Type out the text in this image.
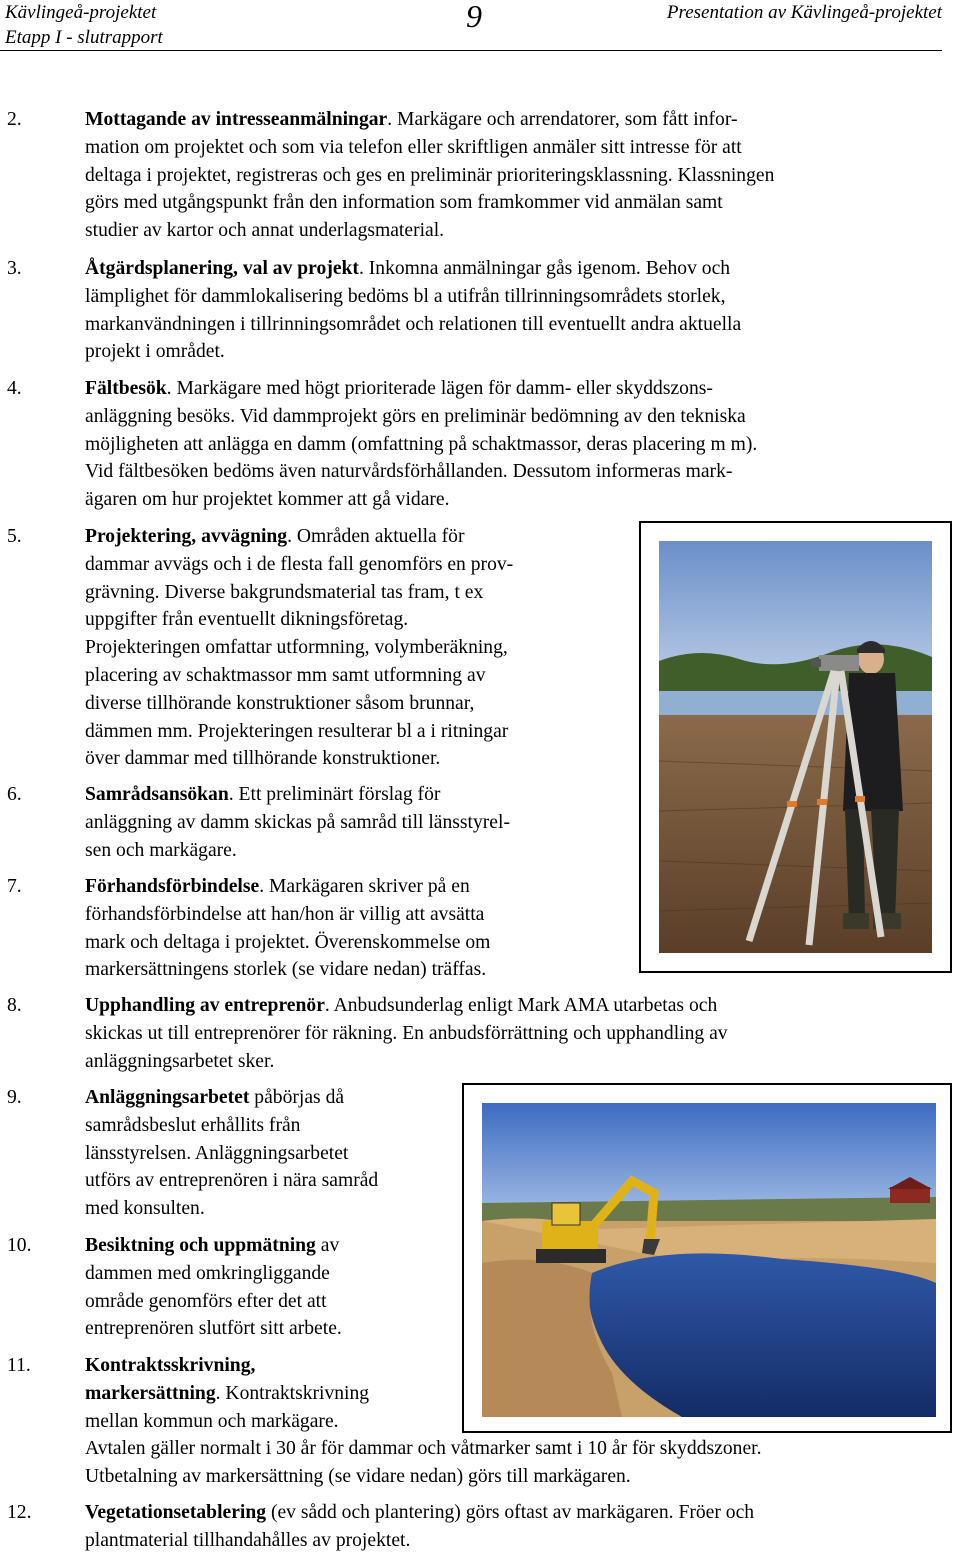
Kävlingeå-projektet
Etapp I - slutrapport
9	Presentation av Kävlingeå-projektet
2.	Mottagande av intresseanmälningar. Markägare och arrendatorer, som fått infor-
mation om projektet och som via telefon eller skriftligen anmäler sitt intresse för att
deltaga i projektet, registreras och ges en preliminär prioriteringsklassning. Klassningen
görs med utgångspunkt från den information som framkommer vid anmälan samt
studier av kartor och annat underlagsmaterial.
3.	Åtgärdsplanering, val av projekt. Inkomna anmälningar gås igenom. Behov och
lämplighet för dammlokalisering bedöms bl a utifrån tillrinningsområdets storlek,
markanvändningen i tillrinningsområdet och relationen till eventuellt andra aktuella
projekt i området.
4.	Fältbesök. Markägare med högt prioriterade lägen för damm- eller skyddszons-
anläggning besöks. Vid dammprojekt görs en preliminär bedömning av den tekniska
möjligheten att anlägga en damm (omfattning på schaktmassor, deras placering m m).
Vid fältbesöken bedöms även naturvårdsförhållanden. Dessutom informeras mark-
ägaren om hur projektet kommer att gå vidare.
5.	Projektering, avvägning. Områden aktuella för
dammar avvägs och i de flesta fall genomförs en prov-
grävning. Diverse bakgrundsmaterial tas fram, t ex
uppgifter från eventuellt dikningsföretag.
Projekteringen omfattar utformning, volymberäkning,
placering av schaktmassor mm samt utformning av
diverse tillhörande konstruktioner såsom brunnar,
dämmen mm. Projekteringen resulterar bl a i ritningar
över dammar med tillhörande konstruktioner.
6.	Samrådsansökan. Ett preliminärt förslag för
anläggning av damm skickas på samråd till länsstyrel-
sen och markägare.
7.	Förhandsförbindelse. Markägaren skriver på en
förhandsförbindelse att han/hon är villig att avsätta
mark och deltaga i projektet. Överenskommelse om
markersättningens storlek (se vidare nedan) träffas.
8.	Upphandling av entreprenör. Anbudsunderlag enligt Mark AMA utarbetas och
skickas ut till entreprenörer för räkning. En anbudsförrättning och upphandling av
anläggningsarbetet sker.
9.	Anläggningsarbetet påbörjas då
samrådsbeslut erhållits från
länsstyrelsen. Anläggningsarbetet
utförs av entreprenören i nära samråd
med konsulten.
10.	Besiktning och uppmätning av
dammen med omkringliggande
område genomförs efter det att
entreprenören slutfört sitt arbete.
11.	Kontraktsskrivning,
markersättning. Kontraktskrivning
mellan kommun och markägare.
Avtalen gäller normalt i 30 år för dammar och våtmarker samt i 10 år för skyddszoner.
Utbetalning av markersättning (se vidare nedan) görs till markägaren.
12.	Vegetationsetablering (ev sådd och plantering) görs oftast av markägaren. Fröer och
plantmaterial tillhandahålles av projektet.
